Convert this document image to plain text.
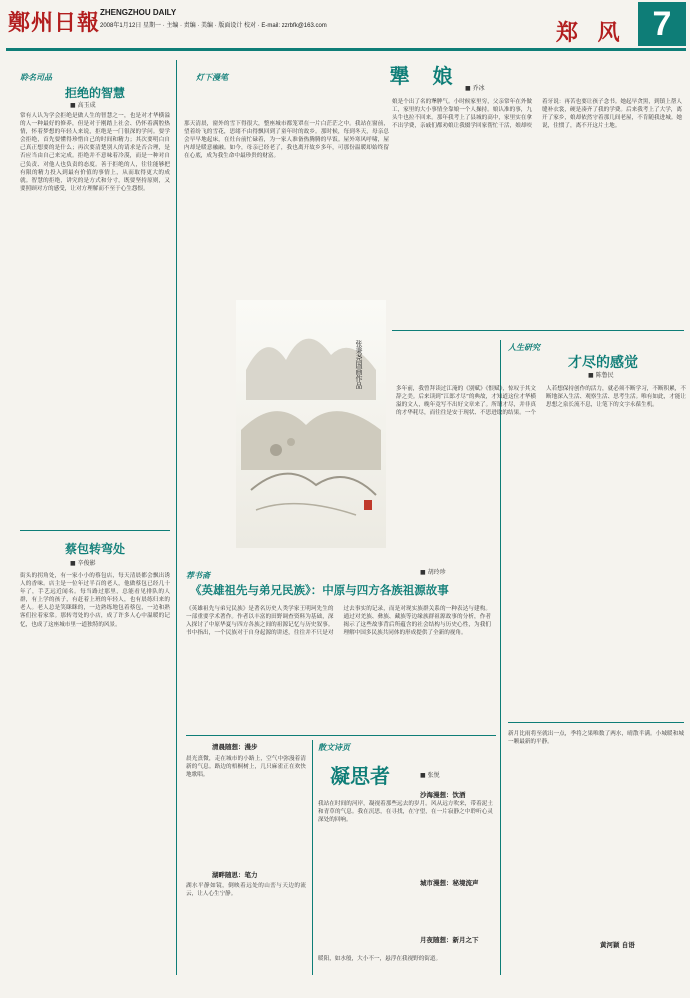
鄭州日報 ZHENGZHOU DAILY
2008年1月12日 星期一 · 主编 · 责编 · 美编 · 版面设计 校对 · E-mail: zzrbfk@163.com	郑 风 7
聆名司品
拒绝的智慧
■ 高玉成
常有人认为学会拒绝是做人生的智慧之一，也是对才华横溢的人一种最好的修养，但是对于刚踏上社会、仍怀着满腔热情，怀着梦想的年轻人来说，拒绝是一门很深的学问。要学会拒绝，首先要懂得珍惜自己的时间和精力；其次要明白自己真正想要的是什么；再次要清楚别人的请求是否合理，是否应当由自己来完成。拒绝并不意味着冷漠，而是一种对自己负责、对他人也负责的态度。善于拒绝的人，往往能够把有限的精力投入到最有价值的事情上，从而取得更大的成就。智慧的拒绝，讲究的是方式和分寸，既要坚持原则，又要照顾对方的感受，让对方理解而不至于心生怨恨。
蔡包转弯处
■ 辛俊影
街头的拐角处，有一家小小的蔡包店，每天清晨都会飘出诱人的香味。店主是一位年过半百的老人，他做蔡包已经几十年了，手艺远近闻名。每当路过那里，总能看见排队的人群，有上学的孩子，有赶着上班的年轻人，也有晨练归来的老人。老人总是笑眯眯的，一边熟练地包着蔡包，一边和熟客们拉着家常。那转弯处的小店，成了许多人心中温暖的记忆，也成了这座城市里一道独特的风景。
灯下漫笔
那天清晨，窗外的雪下得很大，整座城市都笼罩在一片白茫茫之中。我站在窗前，望着纷飞的雪花，思绪不由得飘回到了童年时的故乡。那时候，每到冬天，母亲总会早早地起床，在灶台前忙碌着，为一家人准备热腾腾的早饭。屋外寒风呼啸，屋内却是暖意融融。如今，母亲已经老了，我也离开故乡多年，可那份温暖却始终留在心底，成为我生命中最珍贵的财富。
张秉尧国画作品
荐书斋
《英雄祖先与弟兄民族》：中原与四方各族祖源故事
■ 胡玲珍
《英雄祖先与弟兄民族》是著名历史人类学家王明珂先生的一部重要学术著作。作者以丰富的田野调查资料为基础，深入探讨了中原华夏与四方各族之间的祖源记忆与历史叙事。书中指出，一个民族对于自身起源的讲述，往往并不只是对过去事实的记录，而是对现实族群关系的一种表达与建构。通过对羌族、彝族、藏族等边缘族群祖源故事的分析，作者揭示了这些故事背后所蕴含的社会结构与历史心性，为我们理解中国多民族共同体的形成提供了全新的视角。
清晨随想：漫步
晨光熹微，走在城市的小路上，空气中弥漫着清新的气息。路边的梧桐树上，几只麻雀正在欢快地歌唱。
湖畔随思：笔力
湖水平静如镜，倒映着远处的山峦与天边的流云，让人心生宁静。
散文诗页
凝思者	■ 张悦
沙海漫想：饮酒
我站在时间的河岸，凝视着那些远去的岁月。风从远方吹来，带着泥土和青草的气息。我在沉思，在寻找，在守望，在一片寂静之中聆听心灵深处的回响。
城市漫想：秘境流声
月夜随想：新月之下
暖阳，如水般，大小不一，悬浮在我视野的街道。
犟 娘
■ 乔冰
娘是个出了名的犟脾气。小时候家里穷，父亲常年在外做工，家里的大小事情全靠娘一个人操持。娘认准的事，九头牛也拉不回来。那年我考上了县城的高中，家里实在拿不出学费，亲戚们都劝娘让我辍学回家帮忙干活，娘却咬着牙说：再苦也要让孩子念书。她起早贪黑，到镇上帮人缝补衣裳，硬是凑齐了我的学费。后来我考上了大学，离开了家乡，娘却依然守着那几间老屋，不肯随我进城。她说，住惯了，离不开这片土地。
人生研究
才尽的感觉
■ 陈鲁民
多年前，我曾拜读过江淹的《别赋》《恨赋》，惊叹于其文辞之美。后来读到“江郎才尽”的典故，才知道这位才华横溢的文人，晚年竟写不出好文章来了。所谓才尽，并非真的才华耗尽，而往往是安于现状、不思进取的结果。一个人若想保持创作的活力，就必须不断学习，不断积累，不断地深入生活、观察生活、思考生活。唯有如此，才能让思想之泉长流不息，让笔下的文字永葆生机。
新月比雨将至就出一点，季将之果唯数了两水，晴散半满。小城暖和城一颗最新的平静。
黄河颖 自语
